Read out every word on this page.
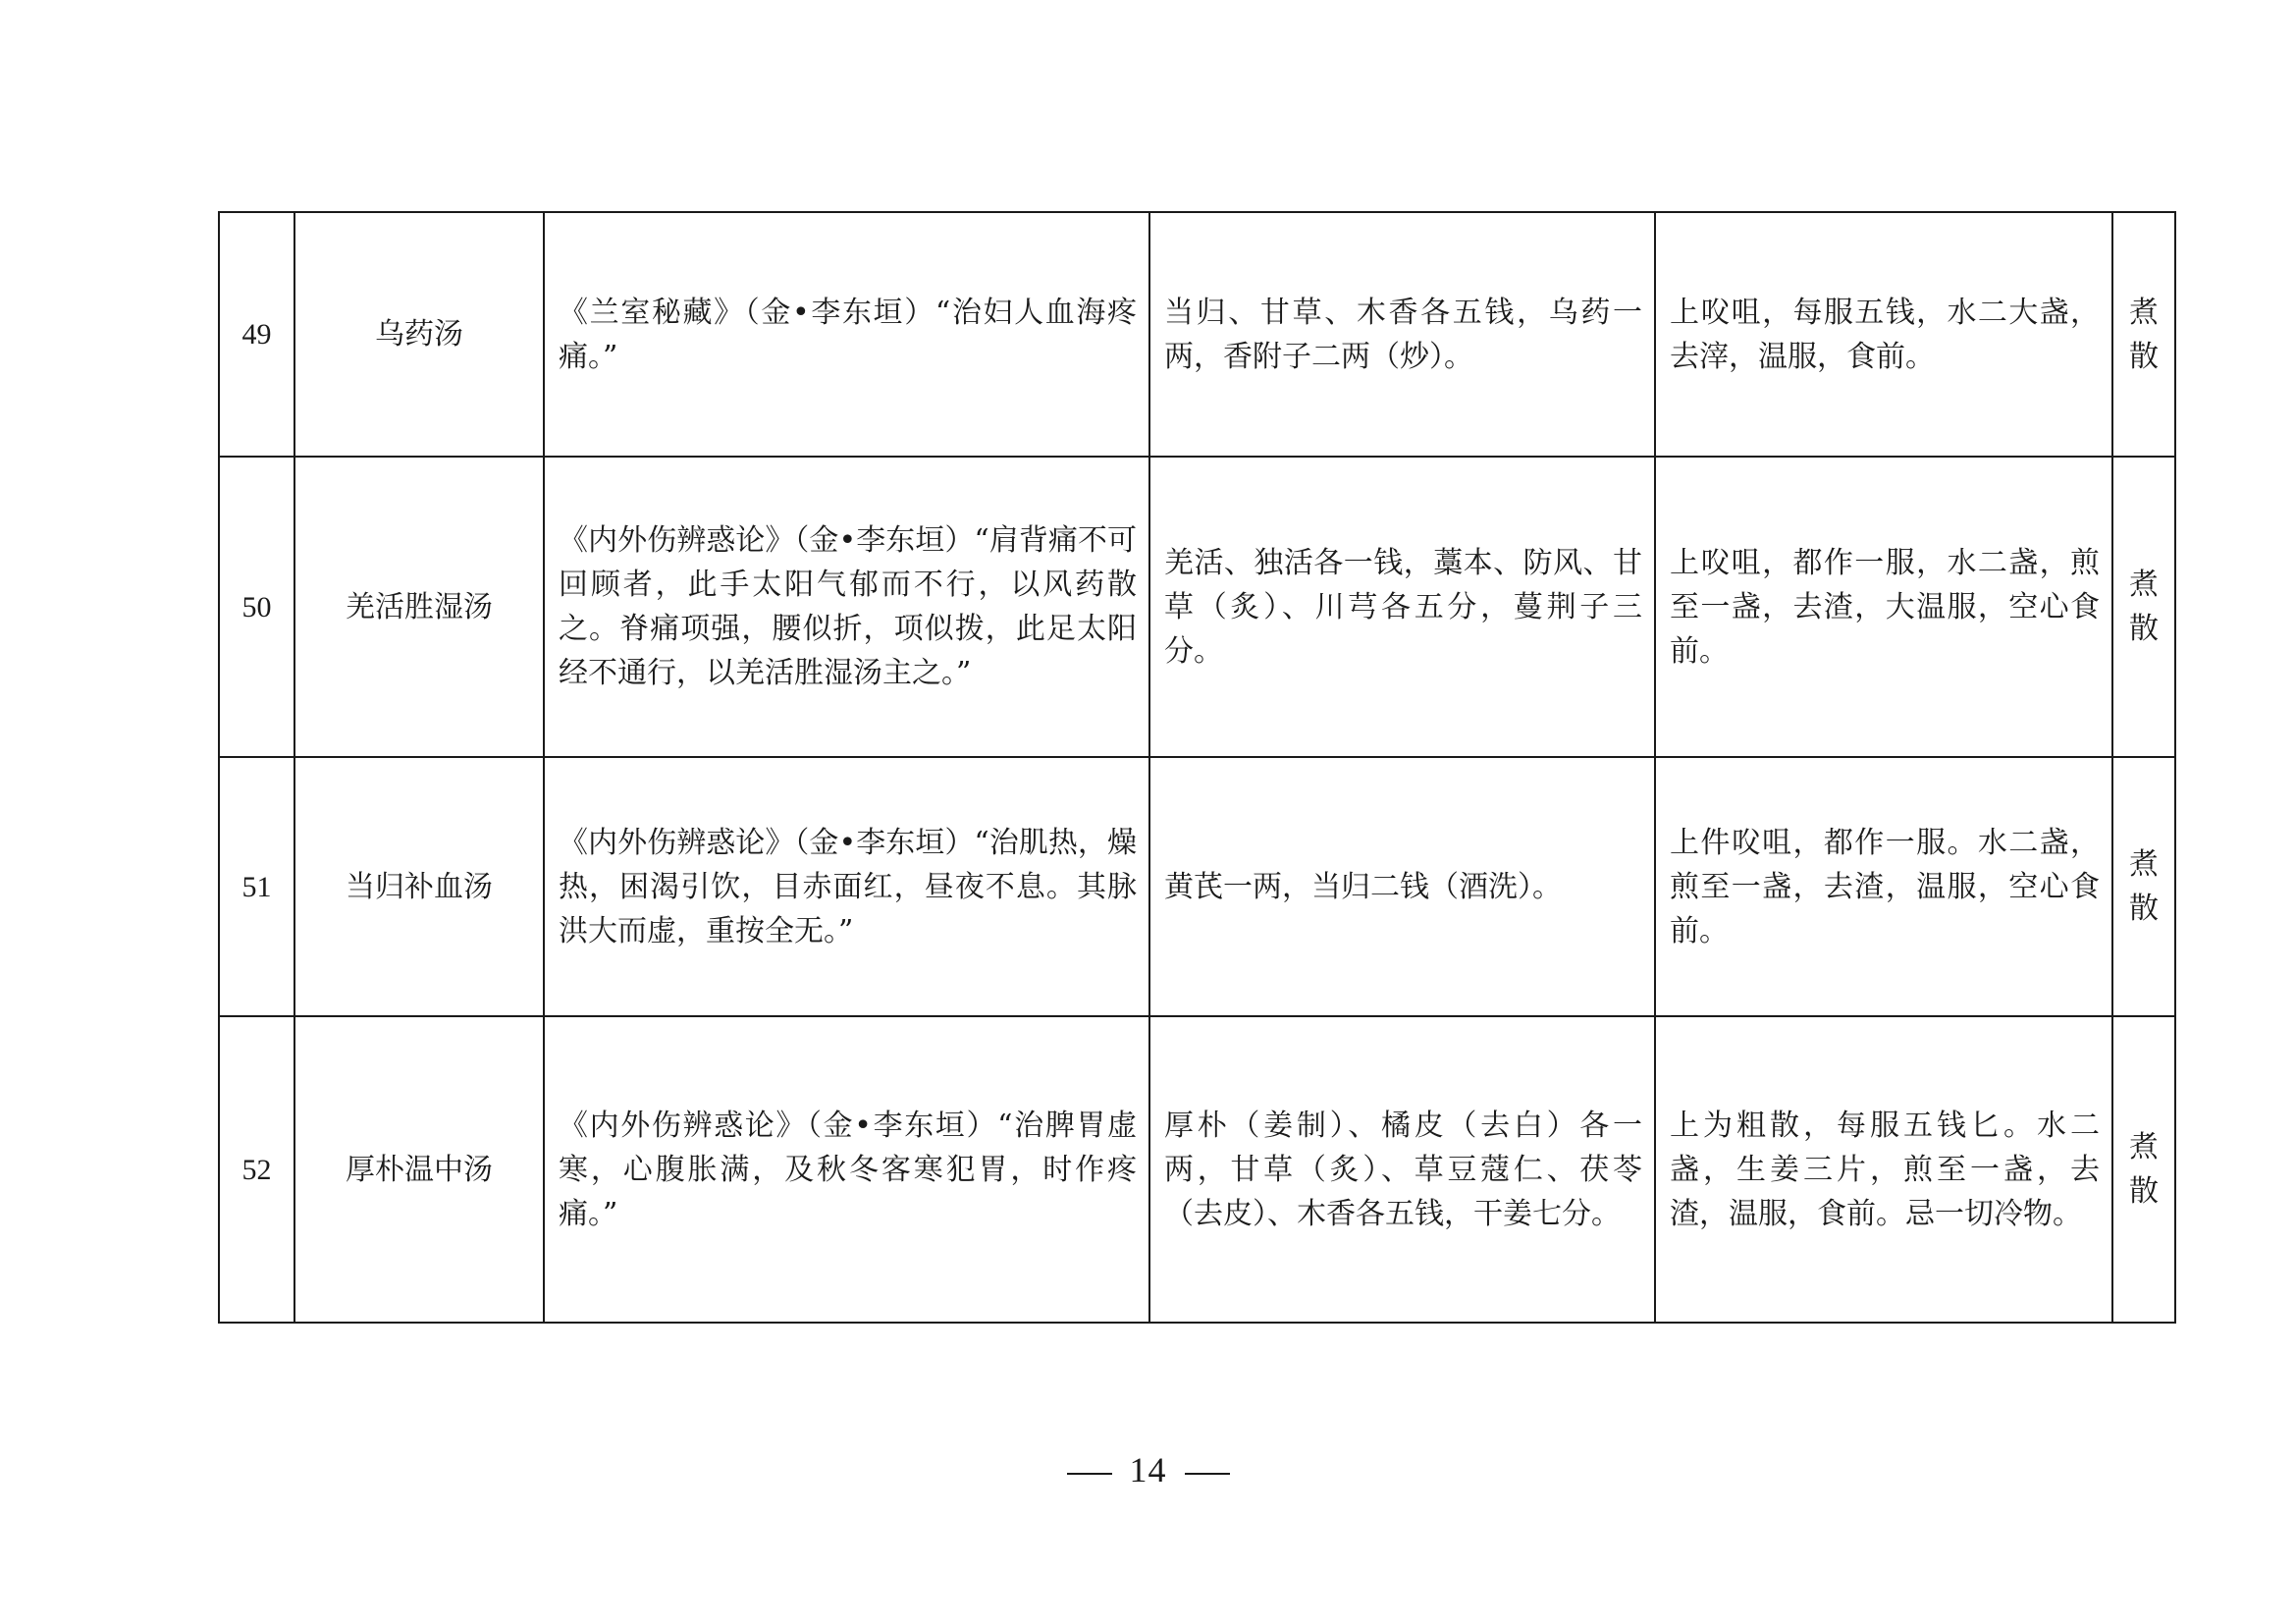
49	乌药汤	《兰室秘藏》（金•李东垣）“治妇人血海疼痛。”	当归、甘草、木香各五钱，乌药一两，香附子二两（炒）。	上㕮咀，每服五钱，水二大盏，去滓，温服，食前。	煮散

50	羌活胜湿汤	《内外伤辨惑论》（金•李东垣）“肩背痛不可回顾者，此手太阳气郁而不行，以风药散之。脊痛项强，腰似折，项似拨，此足太阳经不通行，以羌活胜湿汤主之。”	羌活、独活各一钱，藁本、防风、甘草（炙）、川芎各五分，蔓荆子三分。	上㕮咀，都作一服，水二盏，煎至一盏，去渣，大温服，空心食前。	煮散

51	当归补血汤	《内外伤辨惑论》（金•李东垣）“治肌热，燥热，困渴引饮，目赤面红，昼夜不息。其脉洪大而虚，重按全无。”	黄芪一两，当归二钱（酒洗）。	上件㕮咀，都作一服。水二盏，煎至一盏，去渣，温服，空心食前。	煮散

52	厚朴温中汤	《内外伤辨惑论》（金•李东垣）“治脾胃虚寒，心腹胀满，及秋冬客寒犯胃，时作疼痛。”	厚朴（姜制）、橘皮（去白）各一两，甘草（炙）、草豆蔻仁、茯苓（去皮）、木香各五钱，干姜七分。	上为粗散，每服五钱匕。水二盏，生姜三片，煎至一盏，去渣，温服，食前。忌一切冷物。	煮散
14
